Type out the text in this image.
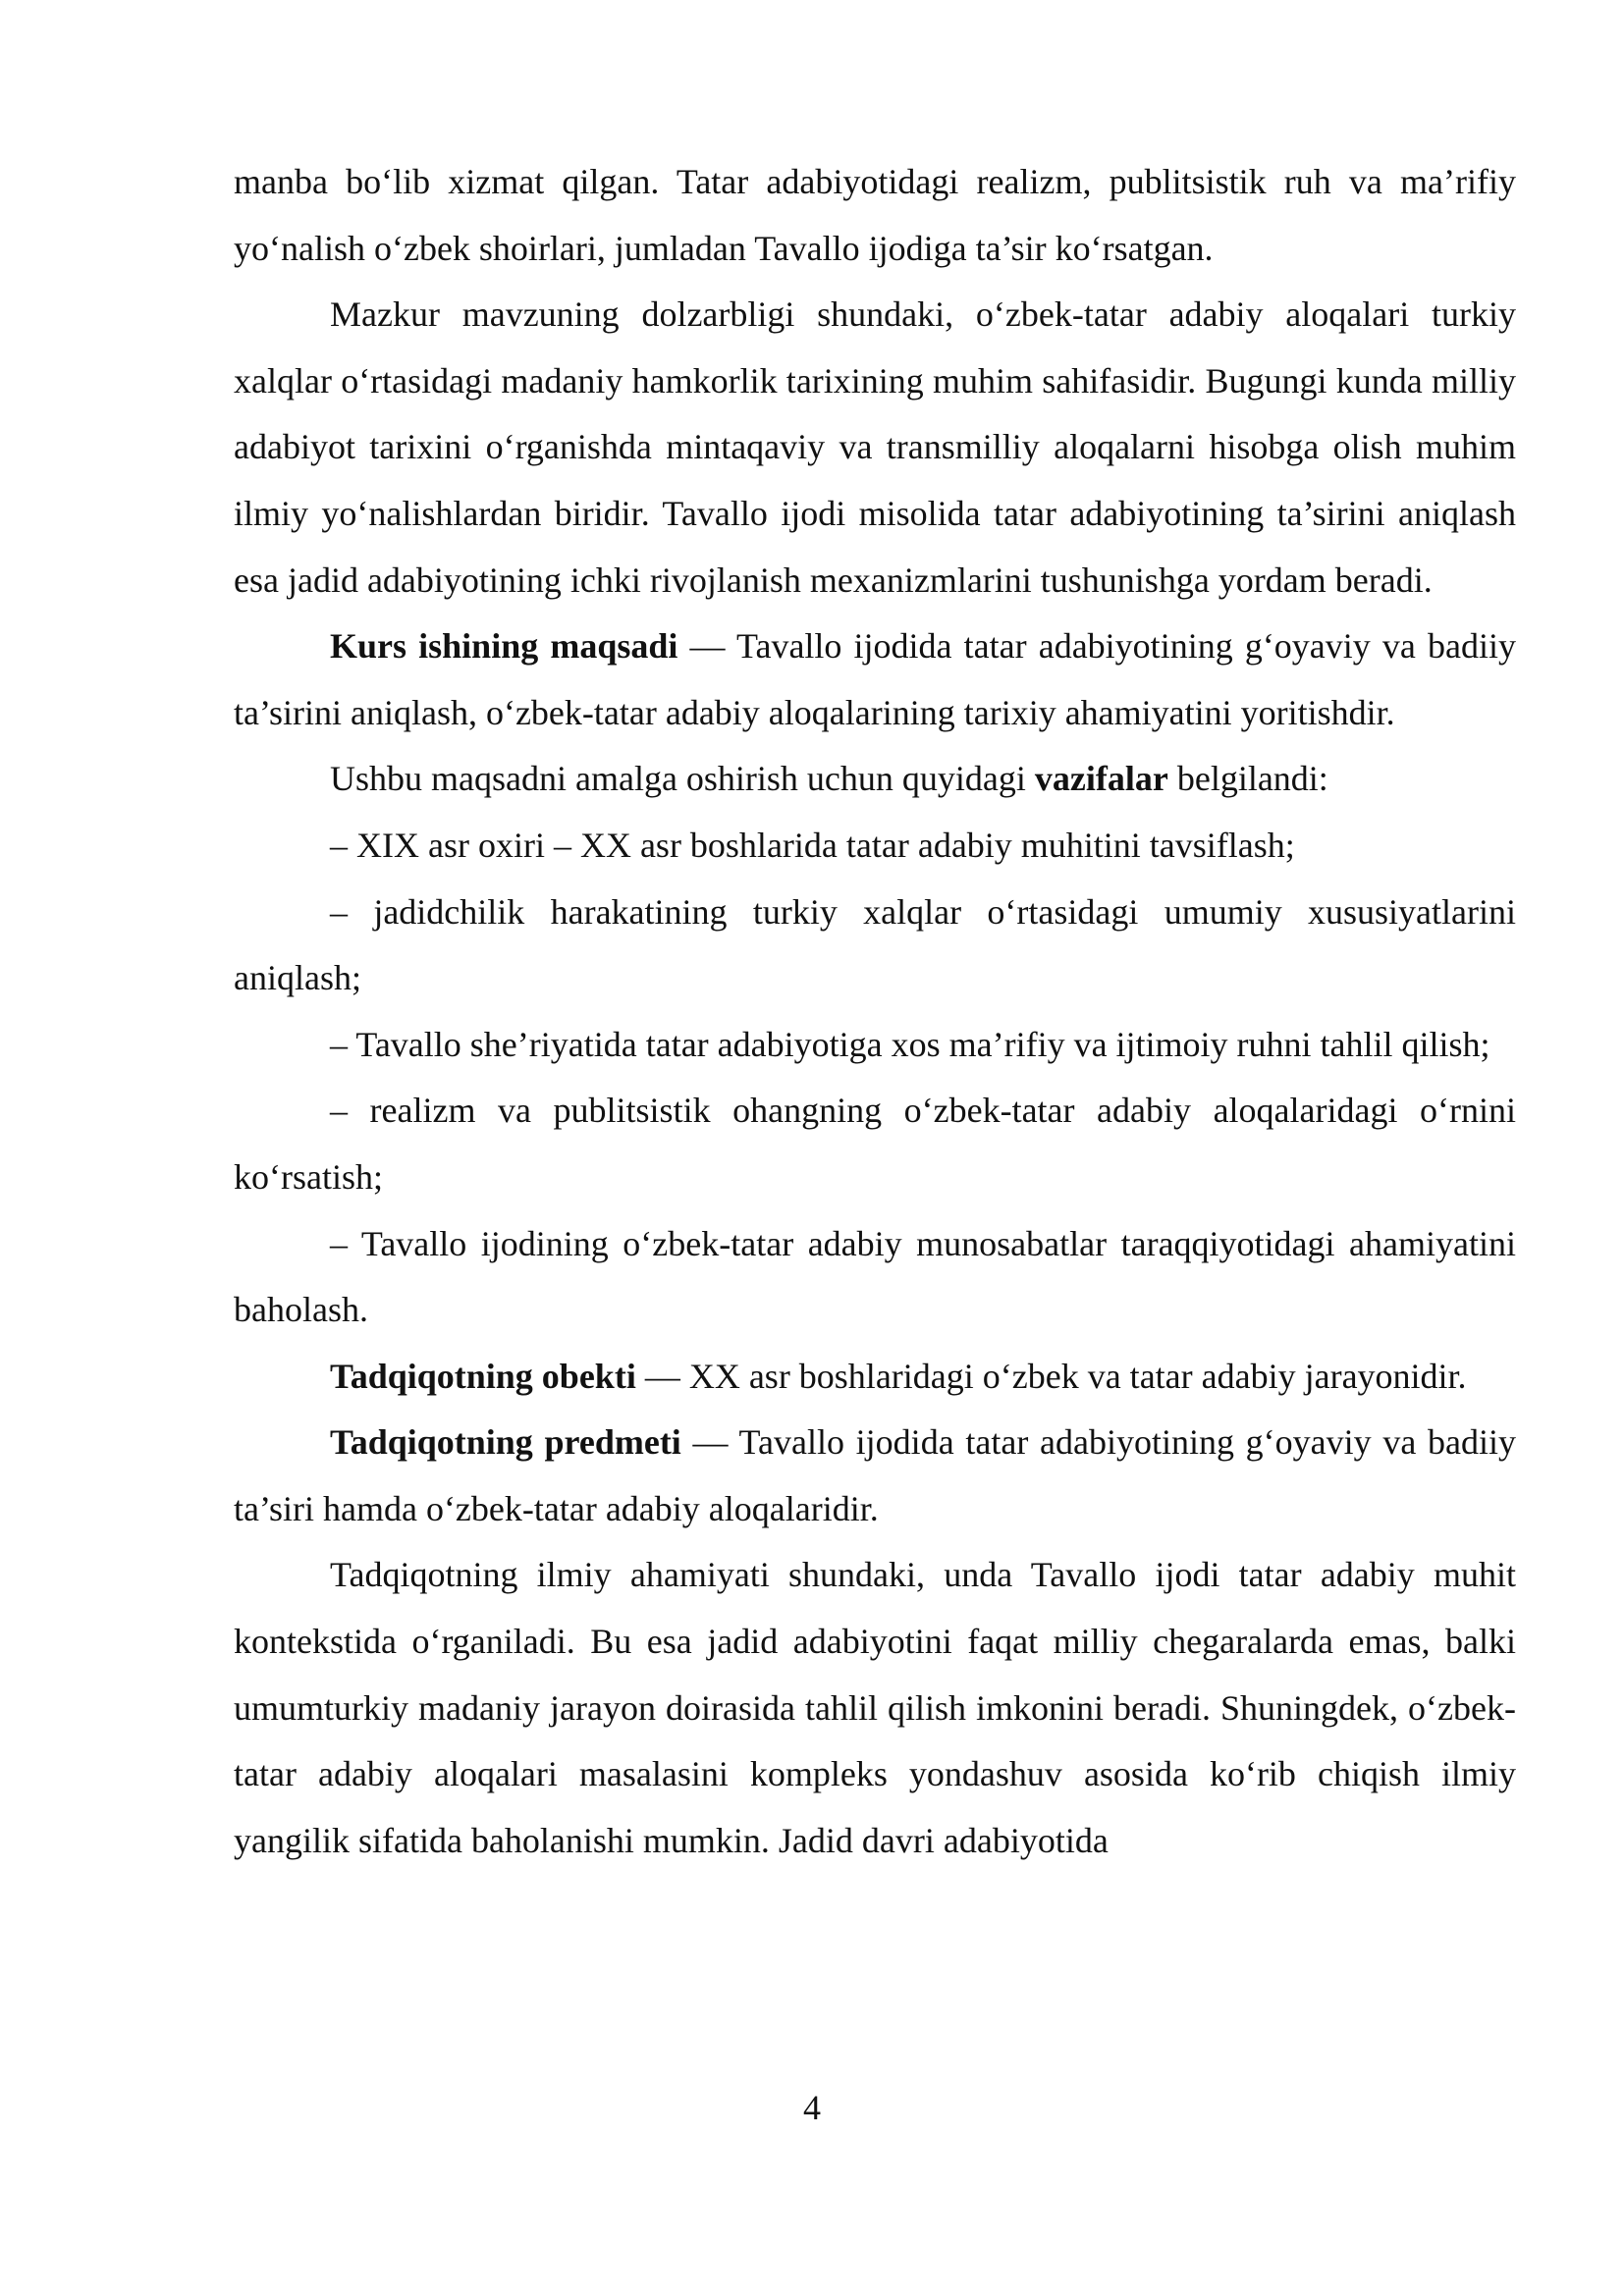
manba bo‘lib xizmat qilgan. Tatar adabiyotidagi realizm, publitsistik ruh va ma’rifiy yo‘nalish o‘zbek shoirlari, jumladan Tavallo ijodiga ta’sir ko‘rsatgan.

Mazkur mavzuning dolzarbligi shundaki, o‘zbek-tatar adabiy aloqalari turkiy xalqlar o‘rtasidagi madaniy hamkorlik tarixining muhim sahifasidir. Bugungi kunda milliy adabiyot tarixini o‘rganishda mintaqaviy va transmilliy aloqalarni hisobga olish muhim ilmiy yo‘nalishlardan biridir. Tavallo ijodi misolida tatar adabiyotining ta’sirini aniqlash esa jadid adabiyotining ichki rivojlanish mexanizmlarini tushunishga yordam beradi.

Kurs ishining maqsadi — Tavallo ijodida tatar adabiyotining g‘oyaviy va badiiy ta’sirini aniqlash, o‘zbek-tatar adabiy aloqalarining tarixiy ahamiyatini yoritishdir.

Ushbu maqsadni amalga oshirish uchun quyidagi vazifalar belgilandi:

– XIX asr oxiri – XX asr boshlarida tatar adabiy muhitini tavsiflash;

– jadidchilik harakatining turkiy xalqlar o‘rtasidagi umumiy xususiyatlarini aniqlash;

– Tavallo she’riyatida tatar adabiyotiga xos ma’rifiy va ijtimoiy ruhni tahlil qilish;

– realizm va publitsistik ohangning o‘zbek-tatar adabiy aloqalaridagi o‘rnini ko‘rsatish;

– Tavallo ijodining o‘zbek-tatar adabiy munosabatlar taraqqiyotidagi ahamiyatini baholash.

Tadqiqotning obekti — XX asr boshlaridagi o‘zbek va tatar adabiy jarayonidir.

Tadqiqotning predmeti — Tavallo ijodida tatar adabiyotining g‘oyaviy va badiiy ta’siri hamda o‘zbek-tatar adabiy aloqalaridir.

Tadqiqotning ilmiy ahamiyati shundaki, unda Tavallo ijodi tatar adabiy muhit kontekstida o‘rganiladi. Bu esa jadid adabiyotini faqat milliy chegaralarda emas, balki umumturkiy madaniy jarayon doirasida tahlil qilish imkonini beradi. Shuningdek, o‘zbek-tatar adabiy aloqalari masalasini kompleks yondashuv asosida ko‘rib chiqish ilmiy yangilik sifatida baholanishi mumkin. Jadid davri adabiyotida

4
